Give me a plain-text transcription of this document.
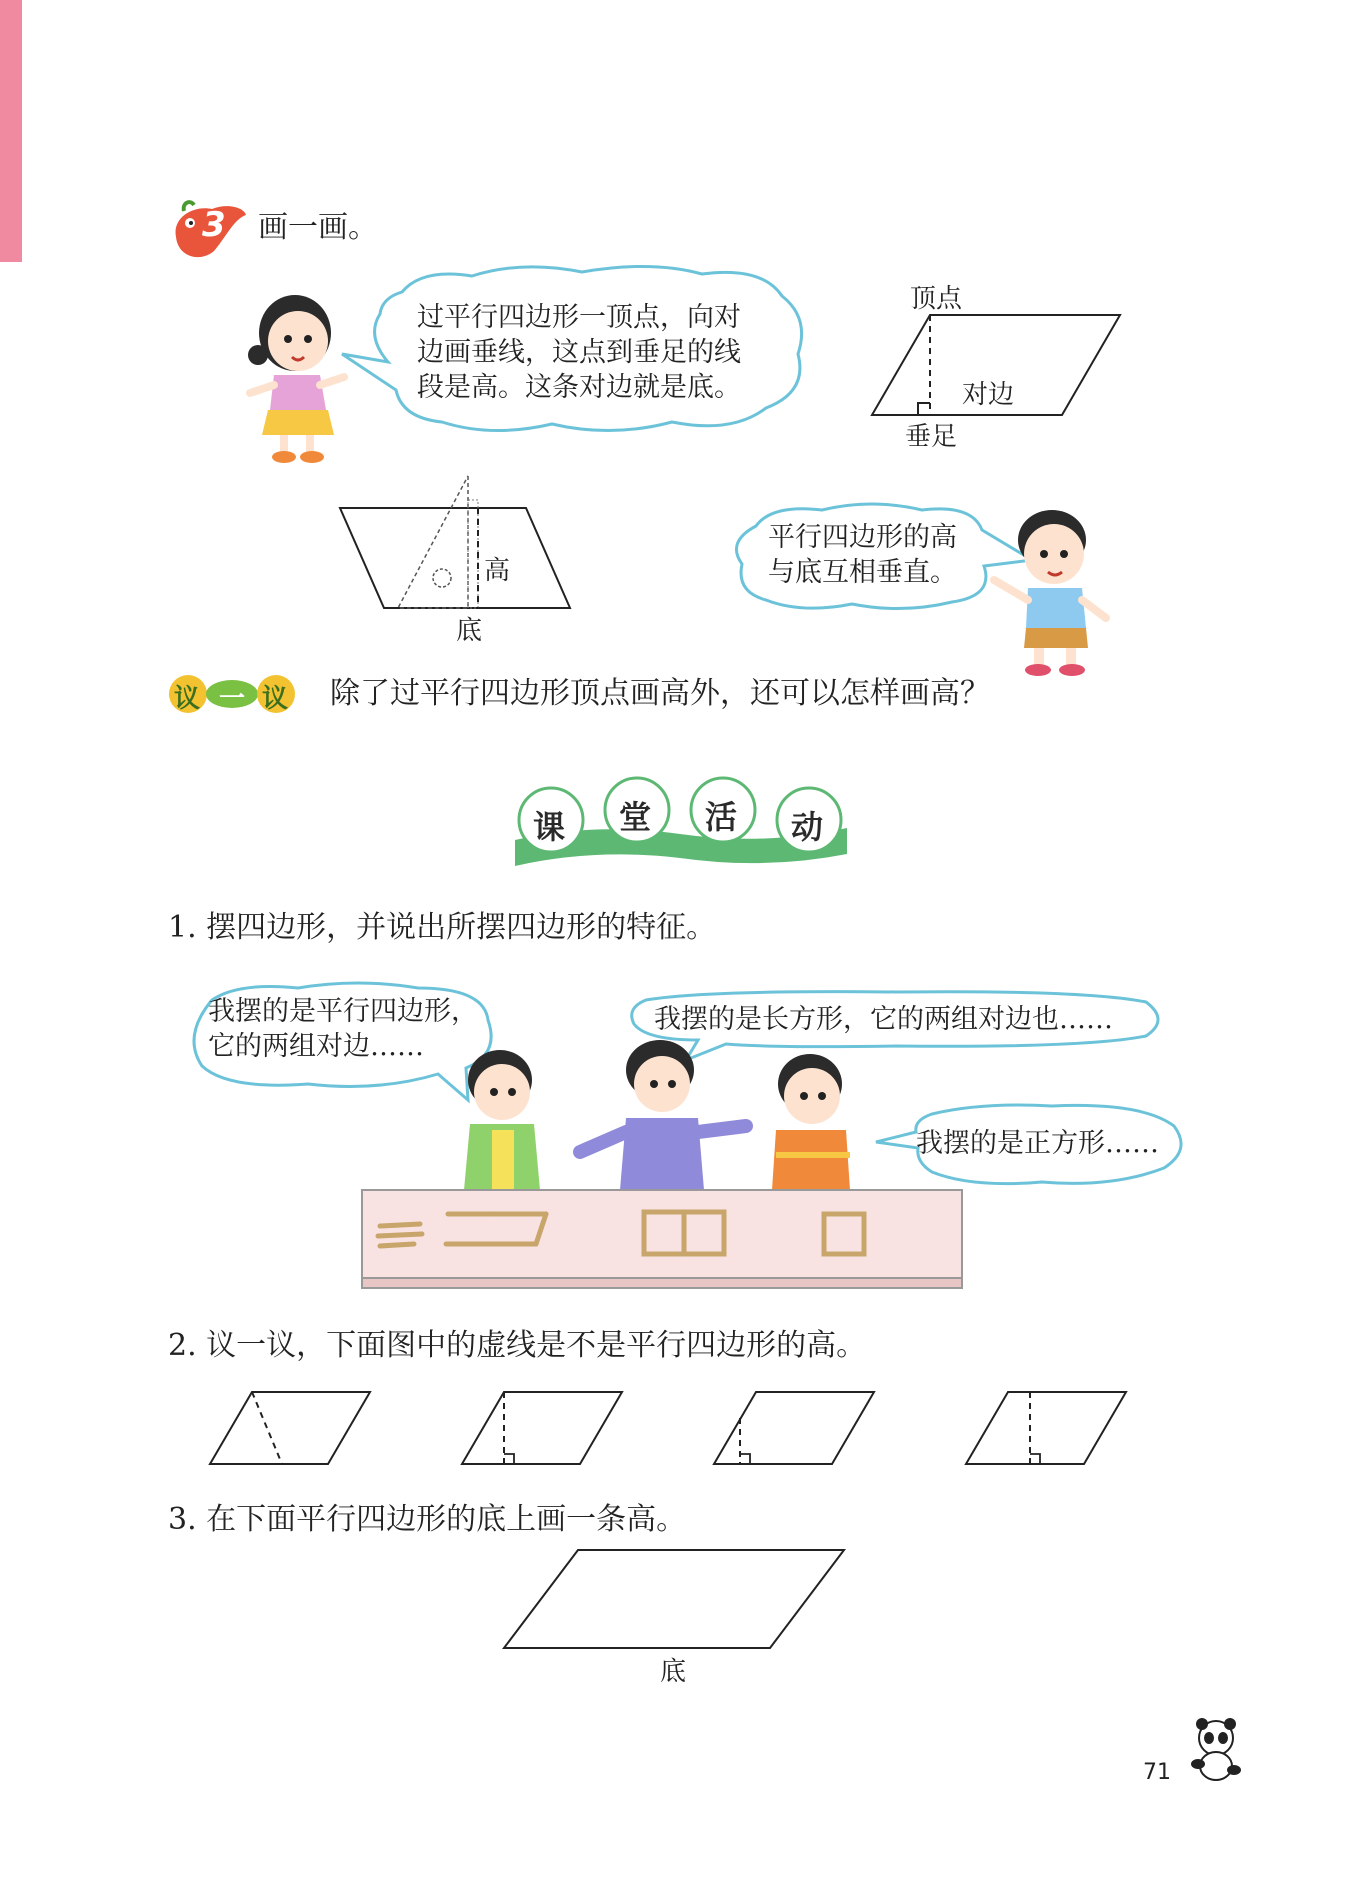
3 画一画。
过平行四边形一顶点，向对
边画垂线，这点到垂足的线
段是高。这条对边就是底。
顶点
对边
垂足
高
底
平行四边形的高
与底互相垂直。
议 一 议 除了过平行四边形顶点画高外，还可以怎样画高？
课 堂 活 动
1. 摆四边形，并说出所摆四边形的特征。
我摆的是平行四边形，
它的两组对边……
我摆的是长方形，它的两组对边也……
我摆的是正方形……
2. 议一议，下面图中的虚线是不是平行四边形的高。
3. 在下面平行四边形的底上画一条高。
底
71
